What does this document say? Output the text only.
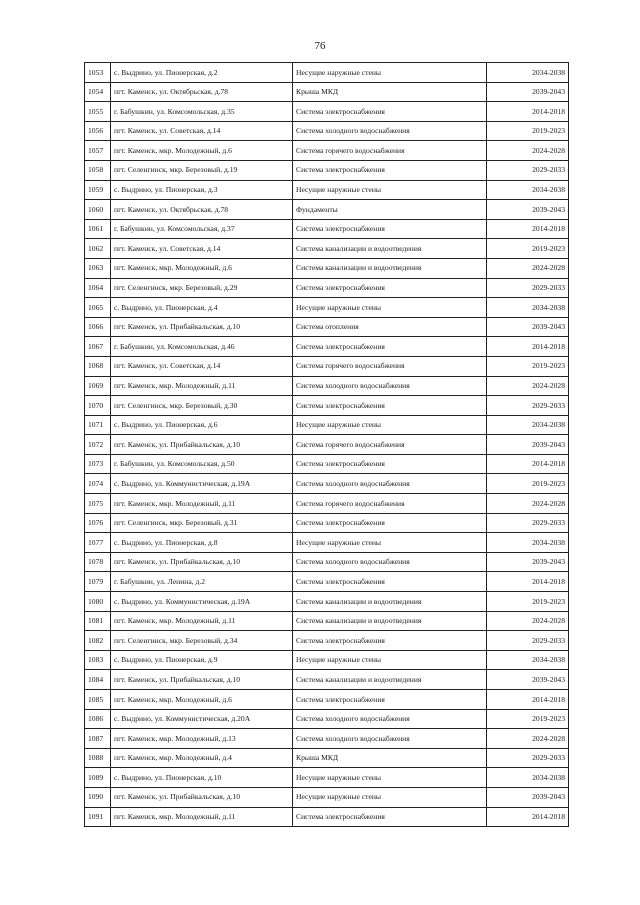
76
1053	с. Выдрино, ул. Пионерская, д.2	Несущие наружные стены	2034-2038
1054	пгт. Каменск, ул. Октябрьская, д.78	Крыша МКД	2039-2043
1055	г. Бабушкин, ул. Комсомольская, д.35	Система электроснабжения	2014-2018
1056	пгт. Каменск, ул. Советская, д.14	Система холодного водоснабжения	2019-2023
1057	пгт. Каменск, мкр. Молодежный, д.6	Система горячего водоснабжения	2024-2028
1058	пгт. Селенгинск, мкр. Березовый, д.19	Система электроснабжения	2029-2033
1059	с. Выдрино, ул. Пионерская, д.3	Несущие наружные стены	2034-2038
1060	пгт. Каменск, ул. Октябрьская, д.78	Фундаменты	2039-2043
1061	г. Бабушкин, ул. Комсомольская, д.37	Система электроснабжения	2014-2018
1062	пгт. Каменск, ул. Советская, д.14	Система канализации и водоотведения	2019-2023
1063	пгт. Каменск, мкр. Молодежный, д.6	Система канализации и водоотведения	2024-2028
1064	пгт. Селенгинск, мкр. Березовый, д.29	Система электроснабжения	2029-2033
1065	с. Выдрино, ул. Пионерская, д.4	Несущие наружные стены	2034-2038
1066	пгт. Каменск, ул. Прибайкальская, д.10	Система отопления	2039-2043
1067	г. Бабушкин, ул. Комсомольская, д.46	Система электроснабжения	2014-2018
1068	пгт. Каменск, ул. Советская, д.14	Система горячего водоснабжения	2019-2023
1069	пгт. Каменск, мкр. Молодежный, д.11	Система холодного водоснабжения	2024-2028
1070	пгт. Селенгинск, мкр. Березовый, д.30	Система электроснабжения	2029-2033
1071	с. Выдрино, ул. Пионерская, д.6	Несущие наружные стены	2034-2038
1072	пгт. Каменск, ул. Прибайкальская, д.10	Система горячего водоснабжения	2039-2043
1073	г. Бабушкин, ул. Комсомольская, д.50	Система электроснабжения	2014-2018
1074	с. Выдрино, ул. Коммунистическая, д.19А	Система холодного водоснабжения	2019-2023
1075	пгт. Каменск, мкр. Молодежный, д.11	Система горячего водоснабжения	2024-2028
1076	пгт. Селенгинск, мкр. Березовый, д.31	Система электроснабжения	2029-2033
1077	с. Выдрино, ул. Пионерская, д.8	Несущие наружные стены	2034-2038
1078	пгт. Каменск, ул. Прибайкальская, д.10	Система холодного водоснабжения	2039-2043
1079	г. Бабушкин, ул. Ленина, д.2	Система электроснабжения	2014-2018
1080	с. Выдрино, ул. Коммунистическая, д.19А	Система канализации и водоотведения	2019-2023
1081	пгт. Каменск, мкр. Молодежный, д.11	Система канализации и водоотведения	2024-2028
1082	пгт. Селенгинск, мкр. Березовый, д.34	Система электроснабжения	2029-2033
1083	с. Выдрино, ул. Пионерская, д.9	Несущие наружные стены	2034-2038
1084	пгт. Каменск, ул. Прибайкальская, д.10	Система канализации и водоотведения	2039-2043
1085	пгт. Каменск, мкр. Молодежный, д.6	Система электроснабжения	2014-2018
1086	с. Выдрино, ул. Коммунистическая, д.20А	Система холодного водоснабжения	2019-2023
1087	пгт. Каменск, мкр. Молодежный, д.13	Система холодного водоснабжения	2024-2028
1088	пгт. Каменск, мкр. Молодежный, д.4	Крыша МКД	2029-2033
1089	с. Выдрино, ул. Пионерская, д.10	Несущие наружные стены	2034-2038
1090	пгт. Каменск, ул. Прибайкальская, д.10	Несущие наружные стены	2039-2043
1091	пгт. Каменск, мкр. Молодежный, д.11	Система электроснабжения	2014-2018
